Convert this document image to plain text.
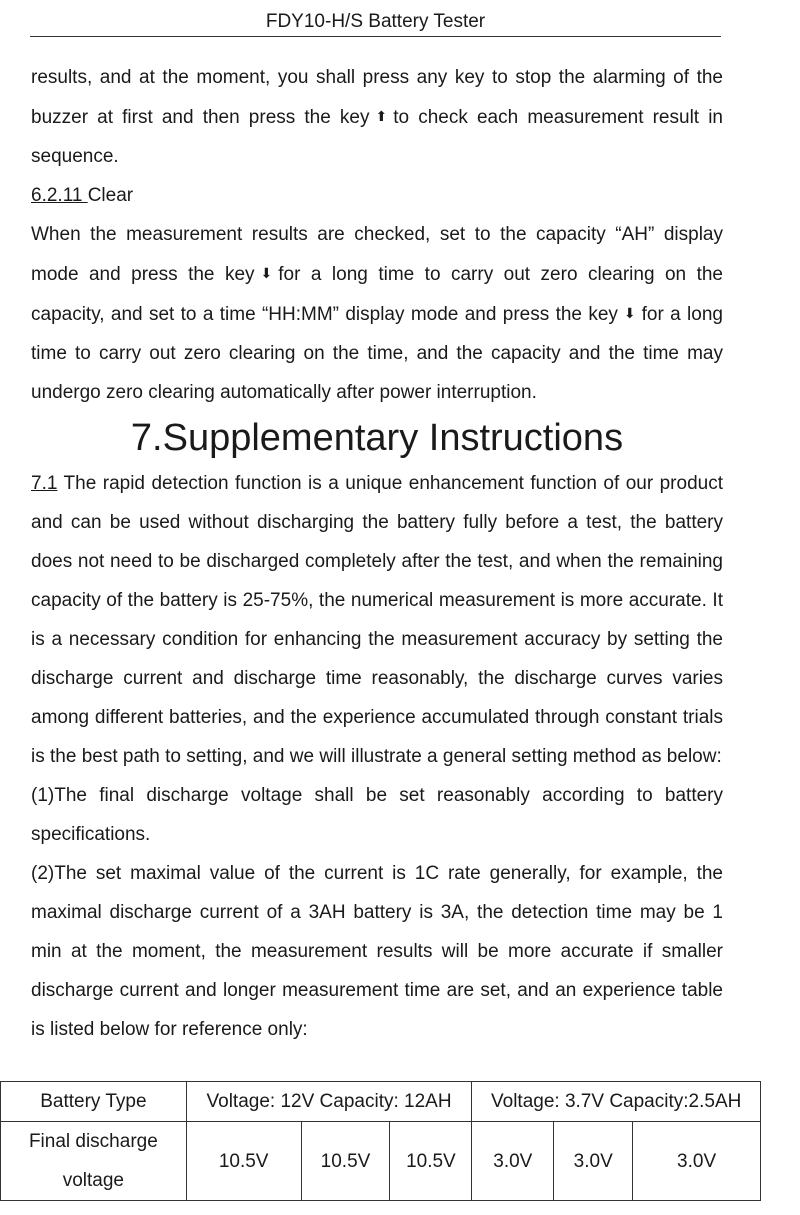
FDY10-H/S Battery Tester

results, and at the moment, you shall press any key to stop the alarming of the buzzer at first and then press the key ⬆ to check each measurement result in sequence.

6.2.11 Clear

When the measurement results are checked, set to the capacity “AH” display mode and press the key ⬇ for a long time to carry out zero clearing on the capacity, and set to a time “HH:MM” display mode and press the key ⬇ for a long time to carry out zero clearing on the time, and the capacity and the time may undergo zero clearing automatically after power interruption.

7.Supplementary Instructions

7.1 The rapid detection function is a unique enhancement function of our product and can be used without discharging the battery fully before a test, the battery does not need to be discharged completely after the test, and when the remaining capacity of the battery is 25-75%, the numerical measurement is more accurate. It is a necessary condition for enhancing the measurement accuracy by setting the discharge current and discharge time reasonably, the discharge curves varies among different batteries, and the experience accumulated through constant trials is the best path to setting, and we will illustrate a general setting method as below:

(1)The final discharge voltage shall be set reasonably according to battery specifications.

(2)The set maximal value of the current is 1C rate generally, for example, the maximal discharge current of a 3AH battery is 3A, the detection time may be 1 min at the moment, the measurement results will be more accurate if smaller discharge current and longer measurement time are set, and an experience table is listed below for reference only:

Battery Type	Voltage: 12V Capacity: 12AH			Voltage: 3.7V Capacity:2.5AH		
Final discharge voltage	10.5V	10.5V	10.5V	3.0V	3.0V	3.0V
